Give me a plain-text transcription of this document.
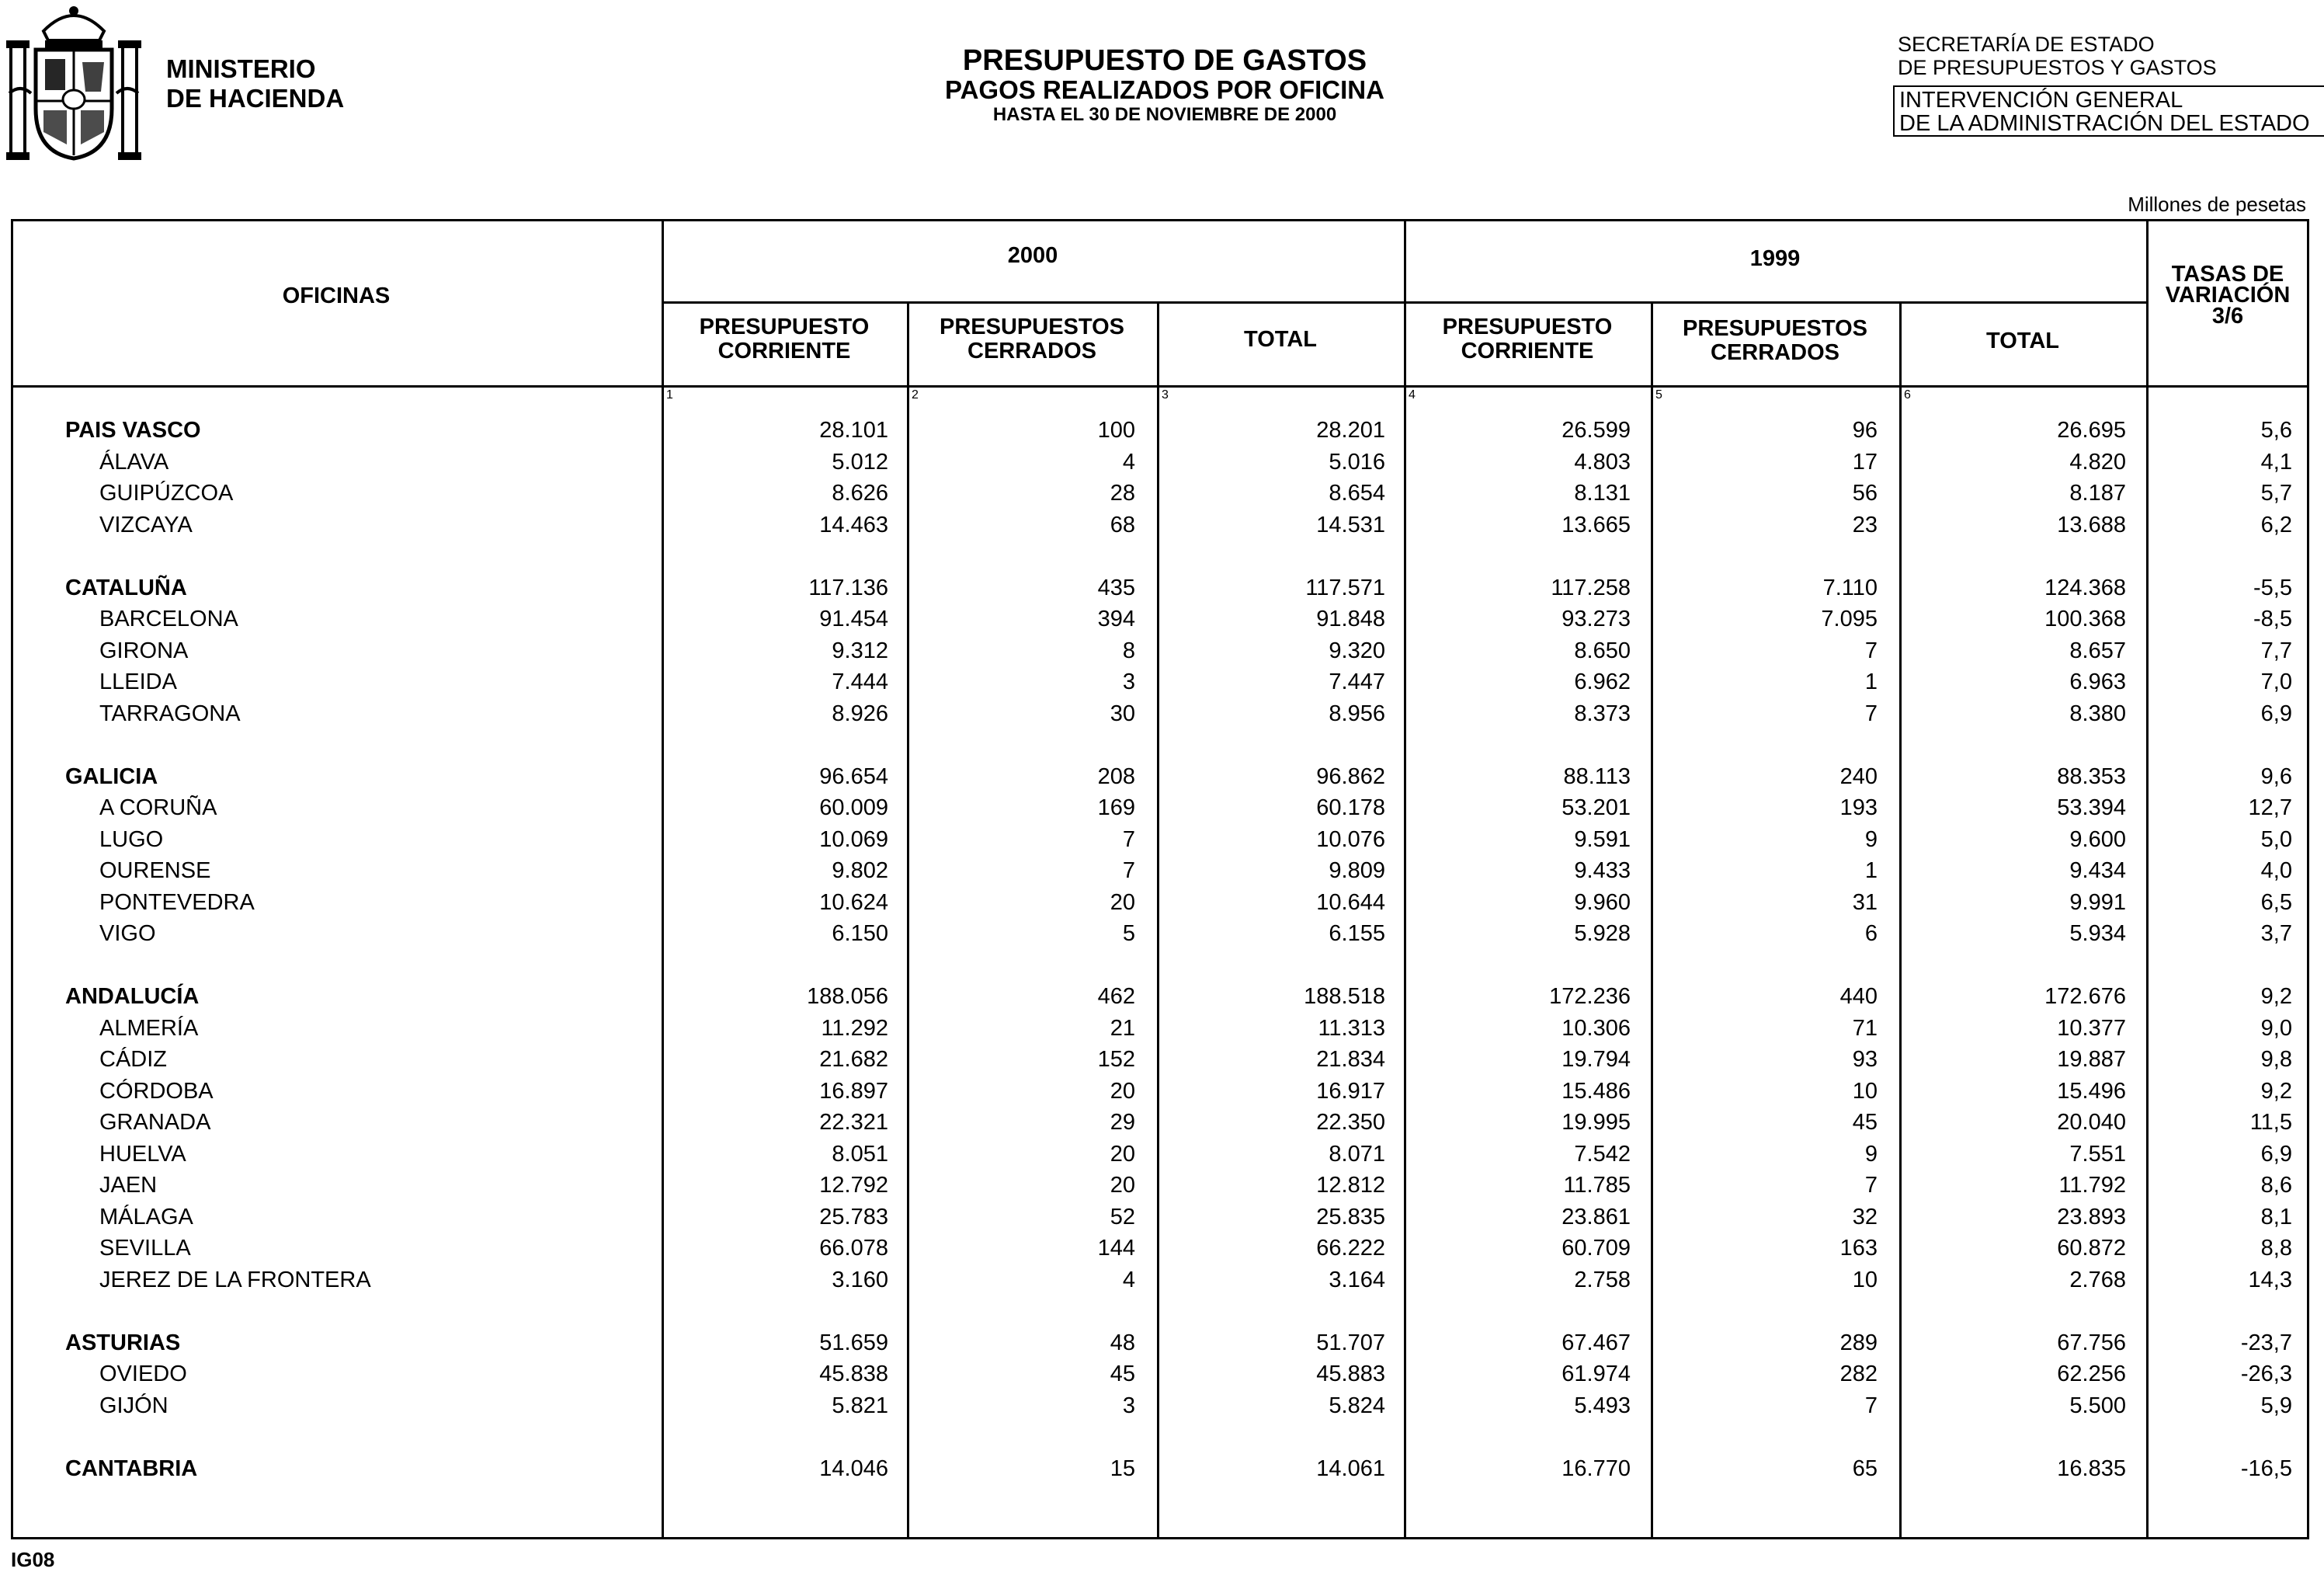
MINISTERIO
DE HACIENDA
PRESUPUESTO DE GASTOS
PAGOS REALIZADOS POR OFICINA
HASTA EL 30 DE NOVIEMBRE DE 2000
SECRETARÍA DE ESTADO
DE PRESUPUESTOS Y GASTOS
INTERVENCIÓN GENERAL
DE LA ADMINISTRACIÓN DEL ESTADO
Millones de pesetas
OFICINAS
2000	1999
TASAS DE
VARIACIÓN
3/6
PRESUPUESTO
CORRIENTE
PRESUPUESTOS
CERRADOS	TOTAL	PRESUPUESTO
CORRIENTE
PRESUPUESTOS
CERRADOS	TOTAL
1	2	3	4	5	6
PAIS VASCO	28.101	100	28.201	26.599	96	26.695	5,6
ÁLAVA	5.012	4	5.016	4.803	17	4.820	4,1
GUIPÚZCOA	8.626	28	8.654	8.131	56	8.187	5,7
VIZCAYA	14.463	68	14.531	13.665	23	13.688	6,2
CATALUÑA	117.136	435	117.571	117.258	7.110	124.368	-5,5
BARCELONA	91.454	394	91.848	93.273	7.095	100.368	-8,5
GIRONA	9.312	8	9.320	8.650	7	8.657	7,7
LLEIDA	7.444	3	7.447	6.962	1	6.963	7,0
TARRAGONA	8.926	30	8.956	8.373	7	8.380	6,9
GALICIA	96.654	208	96.862	88.113	240	88.353	9,6
A CORUÑA	60.009	169	60.178	53.201	193	53.394	12,7
LUGO	10.069	7	10.076	9.591	9	9.600	5,0
OURENSE	9.802	7	9.809	9.433	1	9.434	4,0
PONTEVEDRA	10.624	20	10.644	9.960	31	9.991	6,5
VIGO	6.150	5	6.155	5.928	6	5.934	3,7
ANDALUCÍA	188.056	462	188.518	172.236	440	172.676	9,2
ALMERÍA	11.292	21	11.313	10.306	71	10.377	9,0
CÁDIZ	21.682	152	21.834	19.794	93	19.887	9,8
CÓRDOBA	16.897	20	16.917	15.486	10	15.496	9,2
GRANADA	22.321	29	22.350	19.995	45	20.040	11,5
HUELVA	8.051	20	8.071	7.542	9	7.551	6,9
JAEN	12.792	20	12.812	11.785	7	11.792	8,6
MÁLAGA	25.783	52	25.835	23.861	32	23.893	8,1
SEVILLA	66.078	144	66.222	60.709	163	60.872	8,8
JEREZ DE LA FRONTERA	3.160	4	3.164	2.758	10	2.768	14,3
ASTURIAS	51.659	48	51.707	67.467	289	67.756	-23,7
OVIEDO	45.838	45	45.883	61.974	282	62.256	-26,3
GIJÓN	5.821	3	5.824	5.493	7	5.500	5,9
CANTABRIA	14.046	15	14.061	16.770	65	16.835	-16,5
IG08
